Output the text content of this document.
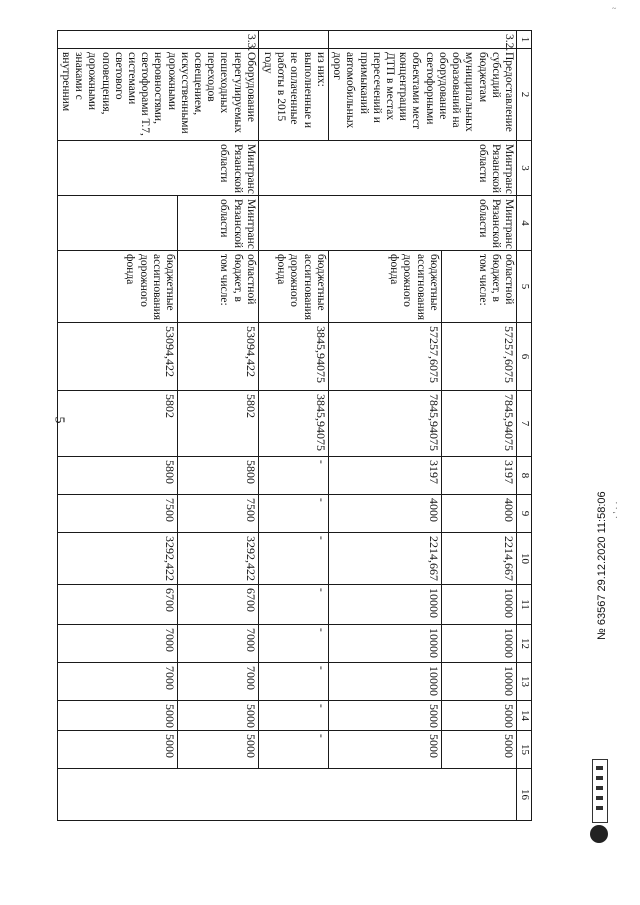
5
1	2	3	4	5	6	7	8	9	10	11	12	13	14	15	16
3.2.	Предоставление субсидий бюджетам муниципальных образований на оборудование светофорными объектами мест концентрации ДТП в местах пересечений и примыканий автомобильных дорог	Минтранс Рязанской области	Минтранс Рязанской области	областной бюджет, в том числе:	57257,6075	7845,94075	3197	4000	2214,667	10000	10000	10000	5000	5000	
				бюджетные ассигнования дорожного фонда	57257,6075	7845,94075	3197	4000	2214,667	10000	10000	10000	5000	5000	
	из них: выполненные и не оплаченные работы в 2015 году			бюджетные ассигнования дорожного фонда	3845,94075	3845,94075	-	-	-	-	-	-	-	-	
3.3.	Оборудование нерегулируемых пешеходных переходов освещением, искусственными дорожными неровностями, светофорами Т.7, системами светового оповещения, дорожными знаками с внутренним	Минтранс Рязанской области	Минтранс Рязанской области	областной бюджет, в том числе:	53094,422	5802	5800	7500	3292,422	6700	7000	7000	5000	5000	
				бюджетные ассигнования дорожного фонда	53094,422	5802	5800	7500	3292,422	6700	7000	7000	5000	5000	
№ 63567 29.12.2020 11:58:06 · ' · ·
~
